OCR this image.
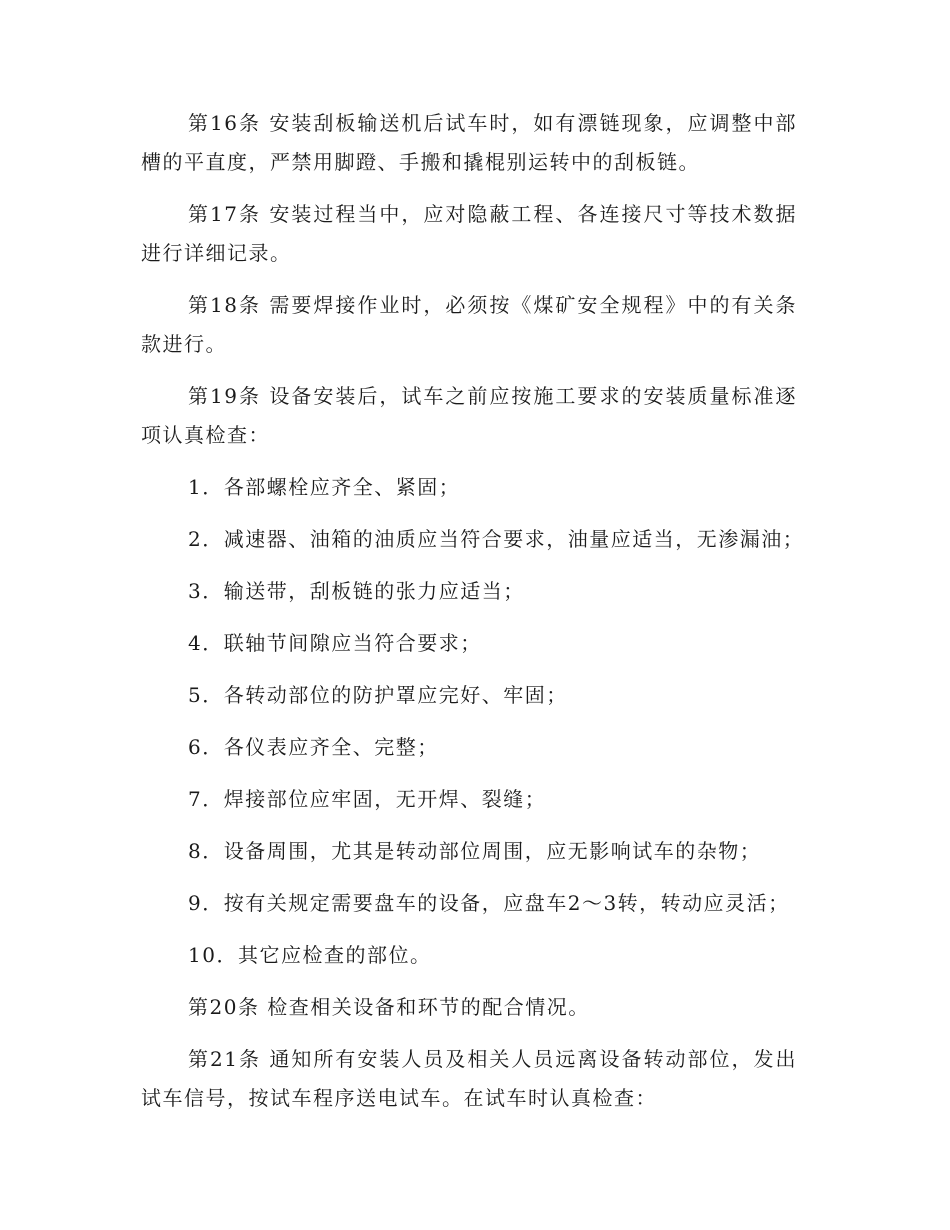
第16条 安装刮板输送机后试车时，如有漂链现象，应调整中部槽的平直度，严禁用脚蹬、手搬和撬棍别运转中的刮板链。

第17条 安装过程当中，应对隐蔽工程、各连接尺寸等技术数据进行详细记录。

第18条 需要焊接作业时，必须按《煤矿安全规程》中的有关条款进行。

第19条 设备安装后，试车之前应按施工要求的安装质量标准逐项认真检查：

1．各部螺栓应齐全、紧固；

2．减速器、油箱的油质应当符合要求，油量应适当，无渗漏油；

3．输送带，刮板链的张力应适当；

4．联轴节间隙应当符合要求；

5．各转动部位的防护罩应完好、牢固；

6．各仪表应齐全、完整；

7．焊接部位应牢固，无开焊、裂缝；

8．设备周围，尤其是转动部位周围，应无影响试车的杂物；

9．按有关规定需要盘车的设备，应盘车2～3转，转动应灵活；

10．其它应检查的部位。

第20条 检查相关设备和环节的配合情况。

第21条 通知所有安装人员及相关人员远离设备转动部位，发出试车信号，按试车程序送电试车。在试车时认真检查：
